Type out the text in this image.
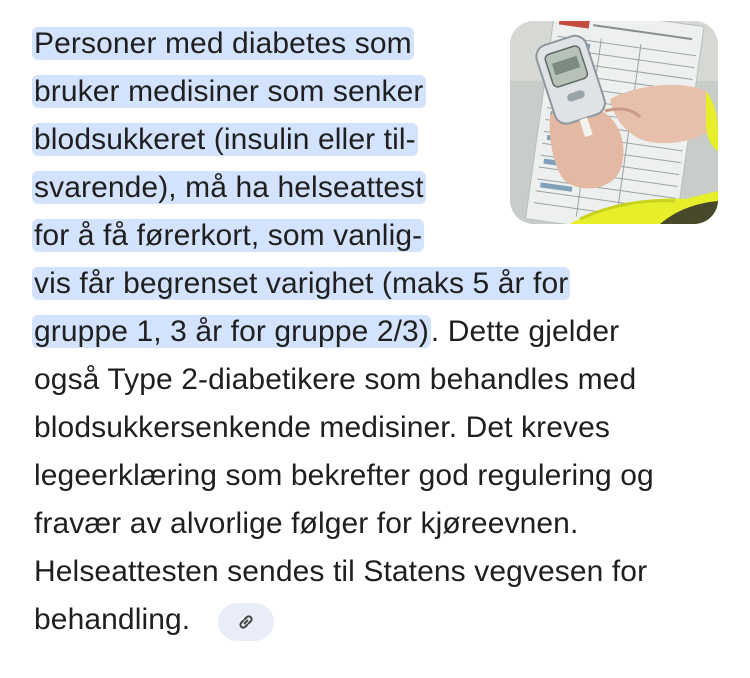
Personer med diabetes som
bruker medisiner som senker
blodsukkeret (insulin eller til-
svarende), må ha helseattest
for å få førerkort, som vanlig-
vis får begrenset varighet (maks 5 år for
gruppe 1, 3 år for gruppe 2/3). Dette gjelder
også Type 2-diabetikere som behandles med
blodsukkersenkende medisiner. Det kreves
legeerklæring som bekrefter god regulering og
fravær av alvorlige følger for kjøreevnen.
Helseattesten sendes til Statens vegvesen for
behandling.
